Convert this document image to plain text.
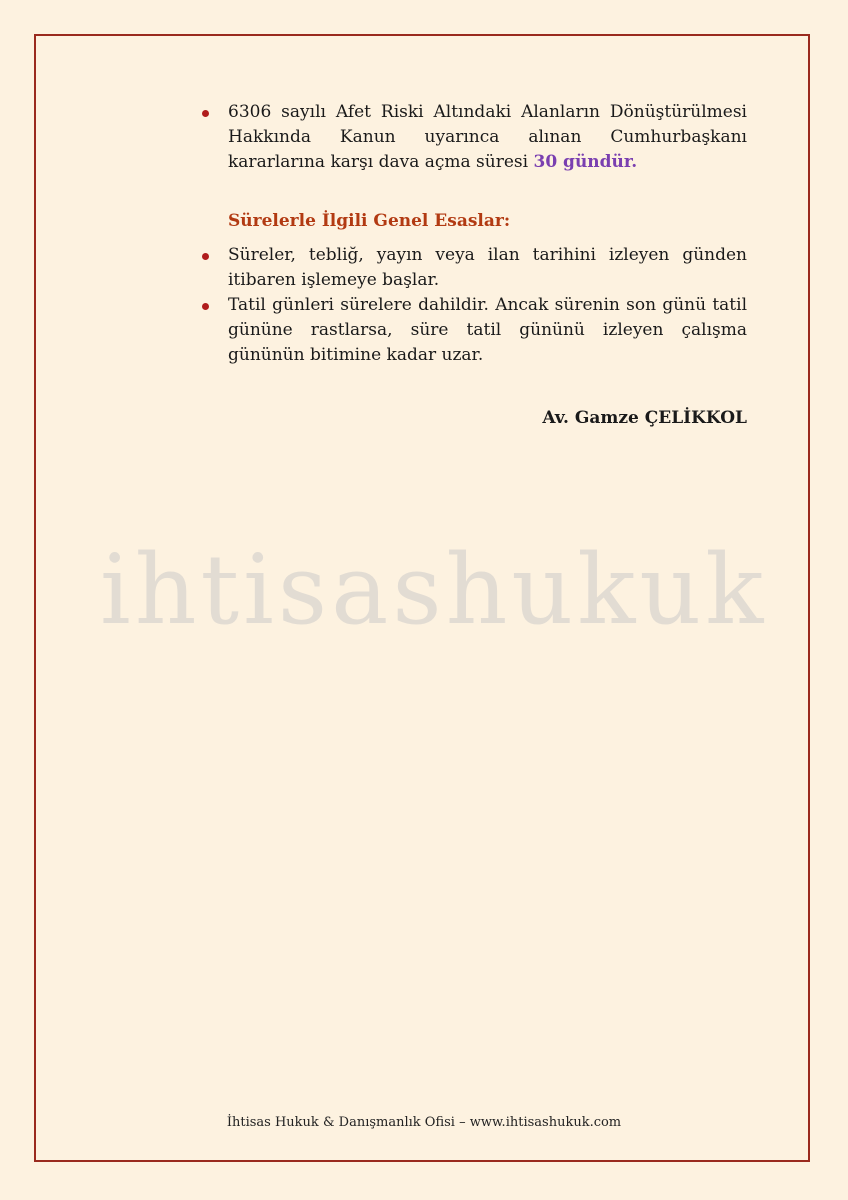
ihtisashukuk
6306 sayılı Afet Riski Altındaki Alanların Dönüştürülmesi Hakkında Kanun uyarınca alınan Cumhurbaşkanı kararlarına karşı dava açma süresi 30 gündür.
Sürelerle İlgili Genel Esaslar:
Süreler, tebliğ, yayın veya ilan tarihini izleyen günden itibaren işlemeye başlar.
Tatil günleri sürelere dahildir. Ancak sürenin son günü tatil gününe rastlarsa, süre tatil gününü izleyen çalışma gününün bitimine kadar uzar.
Av. Gamze ÇELİKKOL
İhtisas Hukuk & Danışmanlık Ofisi – www.ihtisashukuk.com
